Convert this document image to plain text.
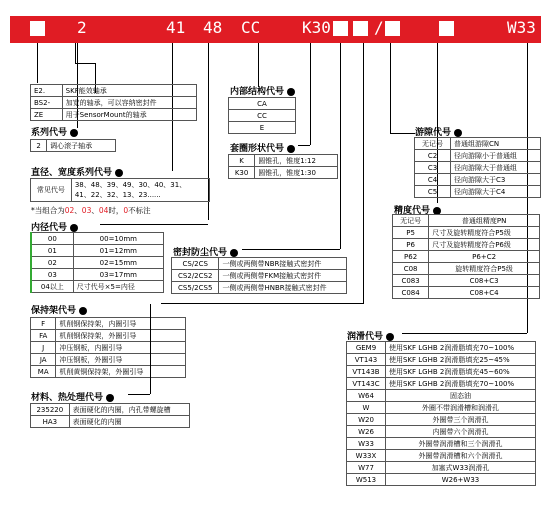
2	41 48 CC	K30	/	W33
E2.	SKF能效轴承
BS2-	加宽的轴承，可以容纳密封件
ZE	用于SensorMount的轴承
系列代号
2	调心滚子轴承
直径、宽度系列代号
常见代号	38、48、39、49、30、40、31、
41、22、32、13、23......
*当组合为02、03、04时，0不标注
内径代号
00	00=10mm
01	01=12mm
02	02=15mm
03	03=17mm
04以上	尺寸代号×5=内径
保持架代号
F	机削钢保持架，内圈引导
FA	机削钢保持架，外圈引导
J	冲压钢板，内圈引导
JA	冲压钢板，外圈引导
MA	机削黄铜保持架，外圈引导
材料、热处理代号
235220	表面硬化的内圈，内孔带螺旋槽
HA3	表面硬化的内圈
内部结构代号
CA
CC
E
套圈形状代号
K	圆锥孔，锥度1:12
K30	圆锥孔，锥度1:30
密封防尘代号
CS/2CS	一侧或两侧带NBR接触式密封件
CS2/2CS2	一侧或两侧带FKM接触式密封件
CS5/2CS5	一侧或两侧带HNBR接触式密封件
游隙代号
无记号	普通组游隙CN
C2	径向游隙小于普通组
C3	径向游隙大于普通组
C4	径向游隙大于C3
C5	径向游隙大于C4
精度代号
无记号	普通组精度PN
P5	尺寸及旋转精度符合P5级
P6	尺寸及旋转精度符合P6级
P62	P6+C2
C08	旋转精度符合P5级
C083	C08+C3
C084	C08+C4
润滑代号
GEM9	使用SKF LGHB 2润滑脂填充70~100%
VT143	使用SKF LGHB 2润滑脂填充25~45%
VT143B	使用SKF LGHB 2润滑脂填充45~60%
VT143C	使用SKF LGHB 2润滑脂填充70~100%
W64	固态油
W	外圈不带润滑槽和润滑孔
W20	外圈带三个润滑孔
W26	内圈带六个润滑孔
W33	外圈带润滑槽和三个润滑孔
W33X	外圈带润滑槽和六个润滑孔
W77	加塞式W33润滑孔
W513	W26+W33
